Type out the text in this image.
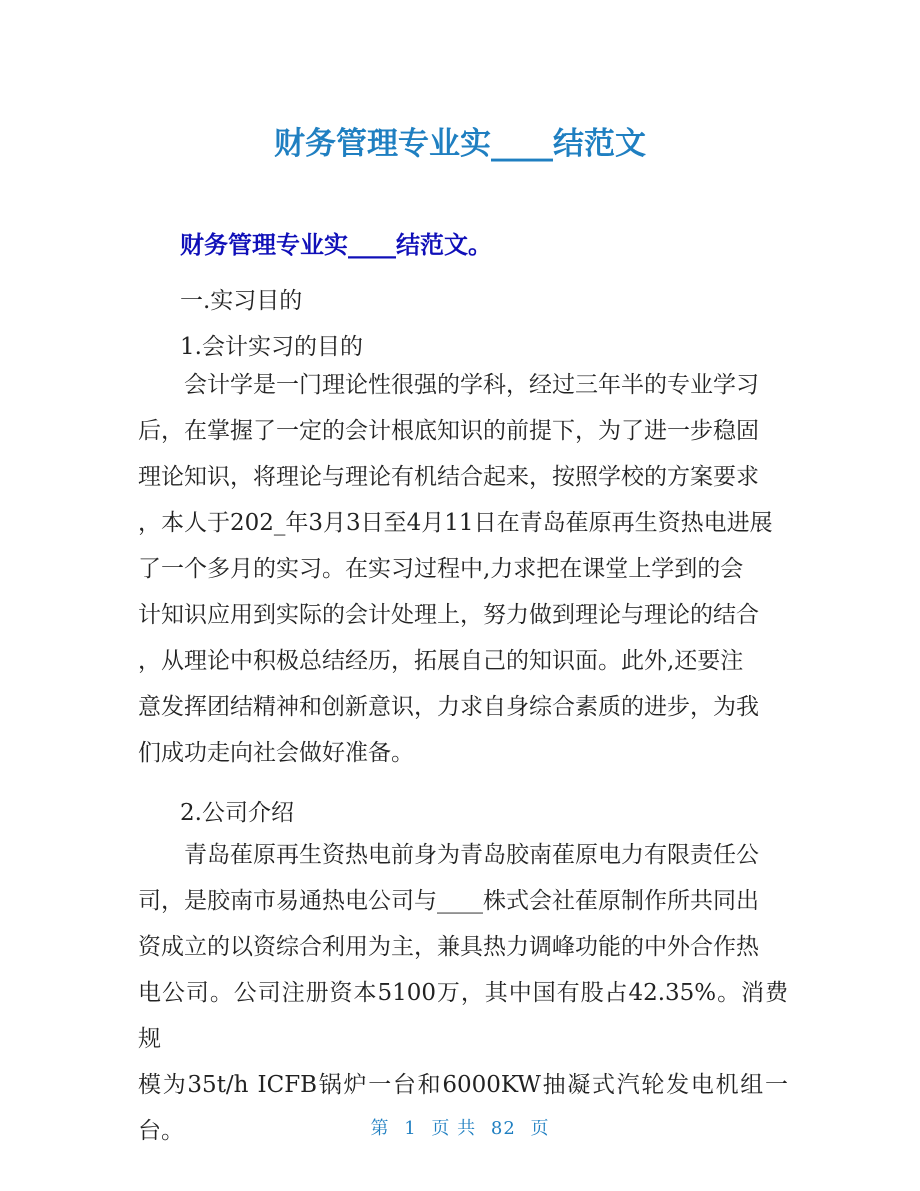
财务管理专业实____结范文
财务管理专业实____结范文。
一.实习目的
1.会计实习的目的

　　会计学是一门理论性很强的学科，经过三年半的专业学习

后，在掌握了一定的会计根底知识的前提下，为了进一步稳固

理论知识，将理论与理论有机结合起来，按照学校的方案要求

，本人于202_年3月3日至4月11日在青岛萑原再生资热电进展

了一个多月的实习。在实习过程中,力求把在课堂上学到的会

计知识应用到实际的会计处理上，努力做到理论与理论的结合

，从理论中积极总结经历，拓展自己的知识面。此外,还要注

意发挥团结精神和创新意识，力求自身综合素质的进步，为我

们成功走向社会做好准备。

2.公司介绍

　　青岛萑原再生资热电前身为青岛胶南萑原电力有限责任公

司，是胶南市易通热电公司与____株式会社萑原制作所共同出

资成立的以资综合利用为主，兼具热力调峰功能的中外合作热

电公司。公司注册资本5100万，其中国有股占42.35%。消费规

模为35t/h ICFB锅炉一台和6000KW抽凝式汽轮发电机组一台。	第 1 页 共 82 页
